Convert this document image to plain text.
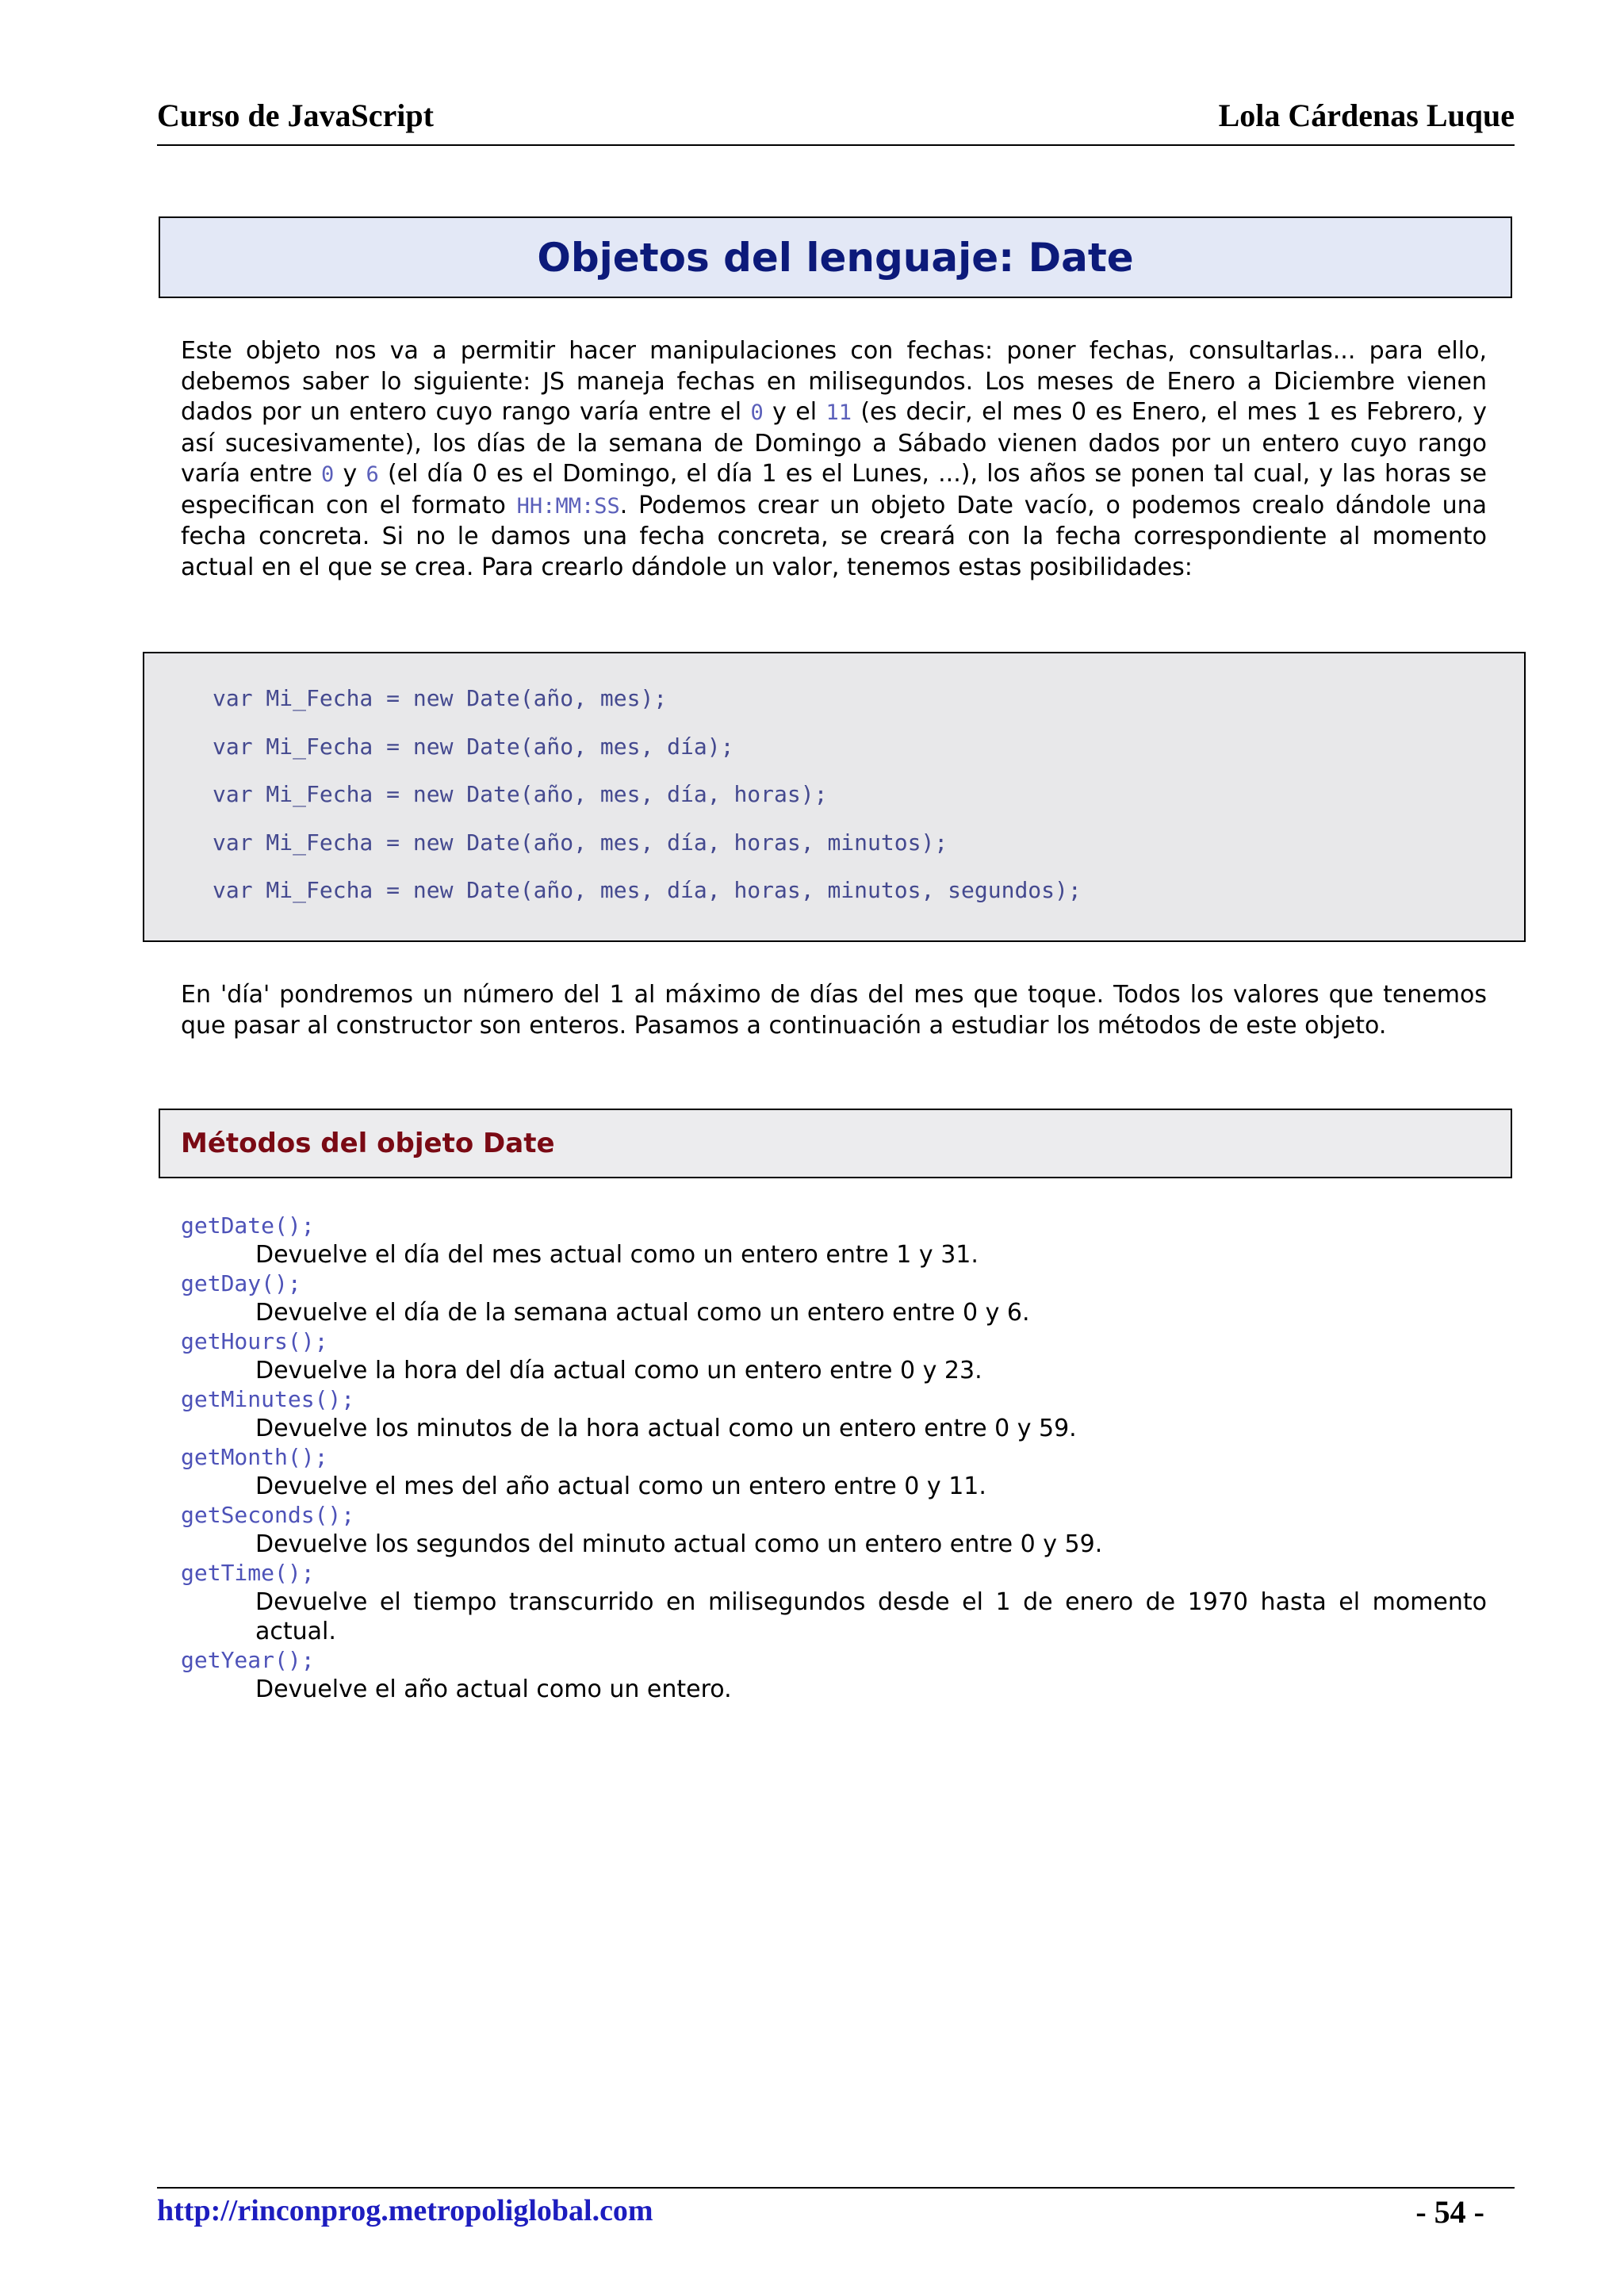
Curso de JavaScript	Lola Cárdenas Luque
Objetos del lenguaje: Date

Este objeto nos va a permitir hacer manipulaciones con fechas: poner fechas, consultarlas... para ello, debemos saber lo siguiente: JS maneja fechas en milisegundos. Los meses de Enero a Diciembre vienen dados por un entero cuyo rango varía entre el 0 y el 11 (es decir, el mes 0 es Enero, el mes 1 es Febrero, y así sucesivamente), los días de la semana de Domingo a Sábado vienen dados por un entero cuyo rango varía entre 0 y 6 (el día 0 es el Domingo, el día 1 es el Lunes, ...), los años se ponen tal cual, y las horas se especifican con el formato HH:MM:SS. Podemos crear un objeto Date vacío, o podemos crealo dándole una fecha concreta. Si no le damos una fecha concreta, se creará con la fecha correspondiente al momento actual en el que se crea. Para crearlo dándole un valor, tenemos estas posibilidades:

var Mi_Fecha = new Date(año, mes);
var Mi_Fecha = new Date(año, mes, día);
var Mi_Fecha = new Date(año, mes, día, horas);
var Mi_Fecha = new Date(año, mes, día, horas, minutos);
var Mi_Fecha = new Date(año, mes, día, horas, minutos, segundos);

En 'día' pondremos un número del 1 al máximo de días del mes que toque. Todos los valores que tenemos que pasar al constructor son enteros. Pasamos a continuación a estudiar los métodos de este objeto.

Métodos del objeto Date
getDate();
Devuelve el día del mes actual como un entero entre 1 y 31.
getDay();
Devuelve el día de la semana actual como un entero entre 0 y 6.
getHours();
Devuelve la hora del día actual como un entero entre 0 y 23.
getMinutes();
Devuelve los minutos de la hora actual como un entero entre 0 y 59.
getMonth();
Devuelve el mes del año actual como un entero entre 0 y 11.
getSeconds();
Devuelve los segundos del minuto actual como un entero entre 0 y 59.
getTime();
Devuelve el tiempo transcurrido en milisegundos desde el 1 de enero de 1970 hasta el momento actual.
getYear();
Devuelve el año actual como un entero.
http://rinconprog.metropoliglobal.com	- 54 -
